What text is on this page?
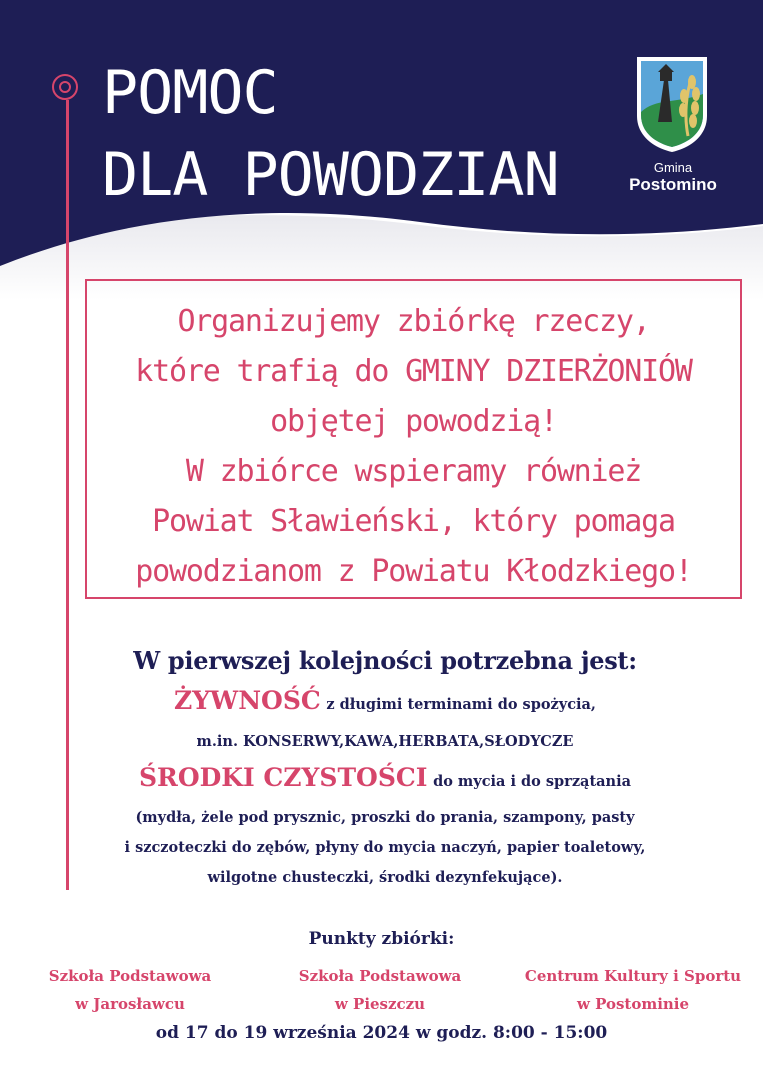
POMOC
DLA POWODZIAN	Gmina
Postomino
Organizujemy zbiórkę rzeczy,
które trafią do GMINY DZIERŻONIÓW
objętej powodzią!
W zbiórce wspieramy również
Powiat Sławieński, który pomaga
powodzianom z Powiatu Kłodzkiego!
W pierwszej kolejności potrzebna jest:
ŻYWNOŚĆ z długimi terminami do spożycia,
m.in. KONSERWY,KAWA,HERBATA,SŁODYCZE
ŚRODKI CZYSTOŚCI do mycia i do sprzątania
(mydła, żele pod prysznic, proszki do prania, szampony, pasty
i szczoteczki do zębów, płyny do mycia naczyń, papier toaletowy,
wilgotne chusteczki, środki dezynfekujące).
Punkty zbiórki:
Szkoła Podstawowa
w Jarosławcu
Szkoła Podstawowa
w Pieszczu
Centrum Kultury i Sportu
w Postominie
od 17 do 19 września 2024 w godz. 8:00 - 15:00
